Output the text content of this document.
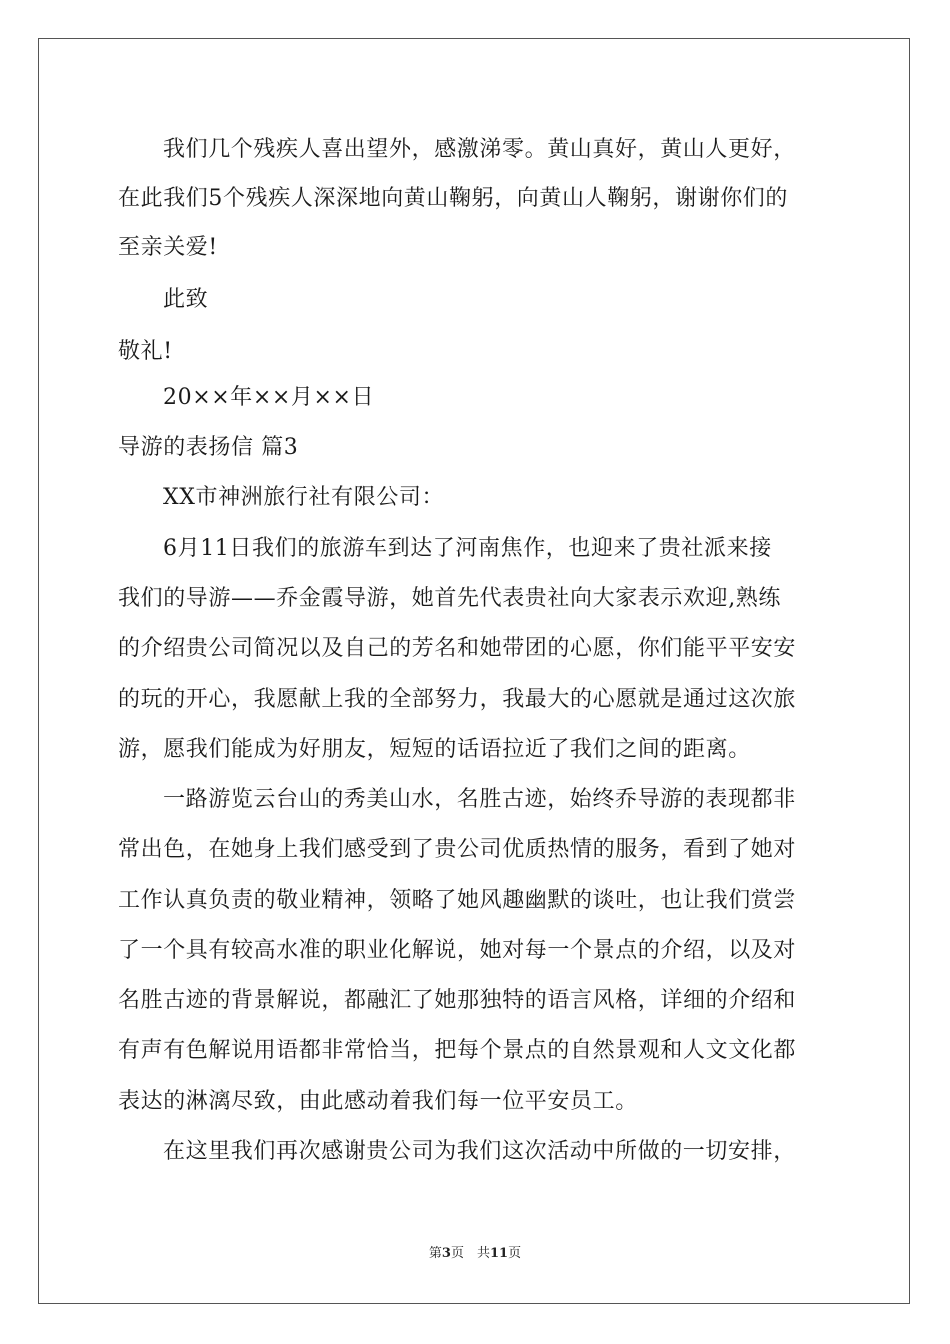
我们几个残疾人喜出望外，感激涕零。黄山真好，黄山人更好，
在此我们5个残疾人深深地向黄山鞠躬，向黄山人鞠躬，谢谢你们的
至亲关爱!
此致
敬礼!
20××年××月××日
导游的表扬信 篇3
XX市神洲旅行社有限公司：
6月11日我们的旅游车到达了河南焦作，也迎来了贵社派来接
我们的导游——乔金霞导游，她首先代表贵社向大家表示欢迎,熟练
的介绍贵公司简况以及自己的芳名和她带团的心愿，你们能平平安安
的玩的开心，我愿献上我的全部努力，我最大的心愿就是通过这次旅
游，愿我们能成为好朋友，短短的话语拉近了我们之间的距离。
一路游览云台山的秀美山水，名胜古迹，始终乔导游的表现都非
常出色，在她身上我们感受到了贵公司优质热情的服务，看到了她对
工作认真负责的敬业精神，领略了她风趣幽默的谈吐，也让我们赏尝
了一个具有较高水准的职业化解说，她对每一个景点的介绍，以及对
名胜古迹的背景解说，都融汇了她那独特的语言风格，详细的介绍和
有声有色解说用语都非常恰当，把每个景点的自然景观和人文文化都
表达的淋漓尽致，由此感动着我们每一位平安员工。
在这里我们再次感谢贵公司为我们这次活动中所做的一切安排，
第3页　共11页
